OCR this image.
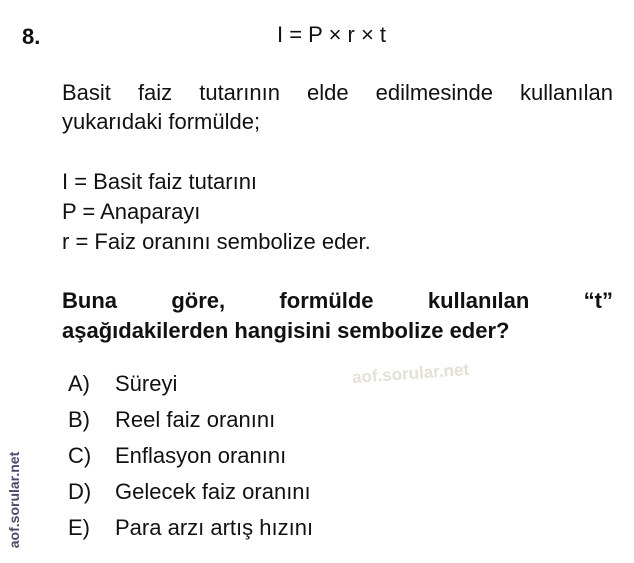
8.	I = P × r × t
Basit faiz tutarının elde edilmesinde kullanılan
yukarıdaki formülde;
I = Basit faiz tutarını
P = Anaparayı
r = Faiz oranını sembolize eder.
Buna göre, formülde kullanılan “t”
aşağıdakilerden hangisini sembolize eder?
A)	Süreyi
B)	Reel faiz oranını
C)	Enflasyon oranını
D)	Gelecek faiz oranını
E)	Para arzı artış hızını
aof.sorular.net
aof.sorular.net
